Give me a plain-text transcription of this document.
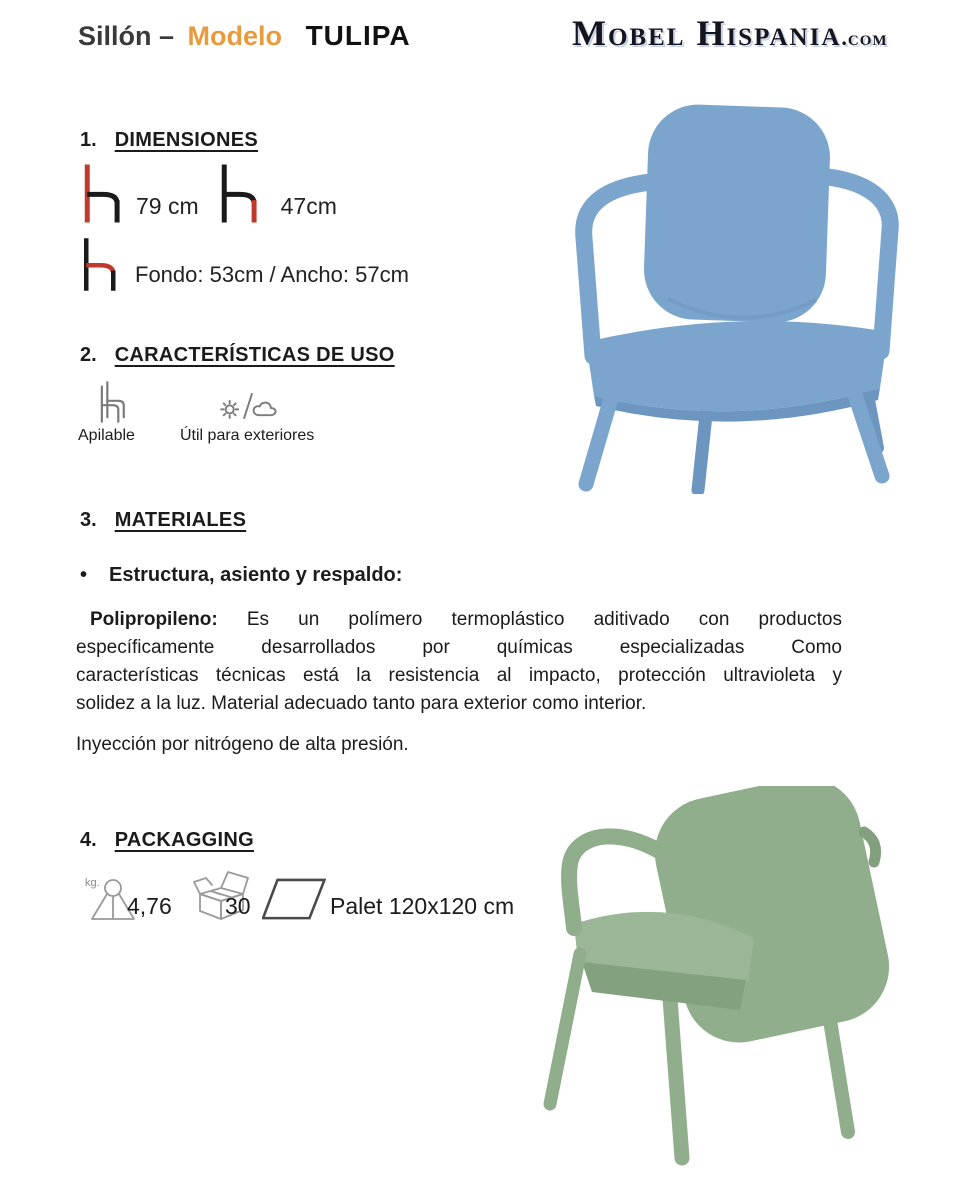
Sillón – Modelo TULIPA	Mobel Hispania.com
1. DIMENSIONES
79 cm	47cm
Fondo: 53cm / Ancho: 57cm
2. CARACTERÍSTICAS DE USO
Apilable	Útil para exteriores
3. MATERIALES
• Estructura, asiento y respaldo:
Polipropileno: Es un polímero termoplástico aditivado con productos
específicamente desarrollados por químicas especializadas Como
características técnicas está la resistencia al impacto, protección ultravioleta y
solidez a la luz. Material adecuado tanto para exterior como interior.
Inyección por nitrógeno de alta presión.
4. PACKAGGING
kg.
4,76 30	Palet 120x120 cm
